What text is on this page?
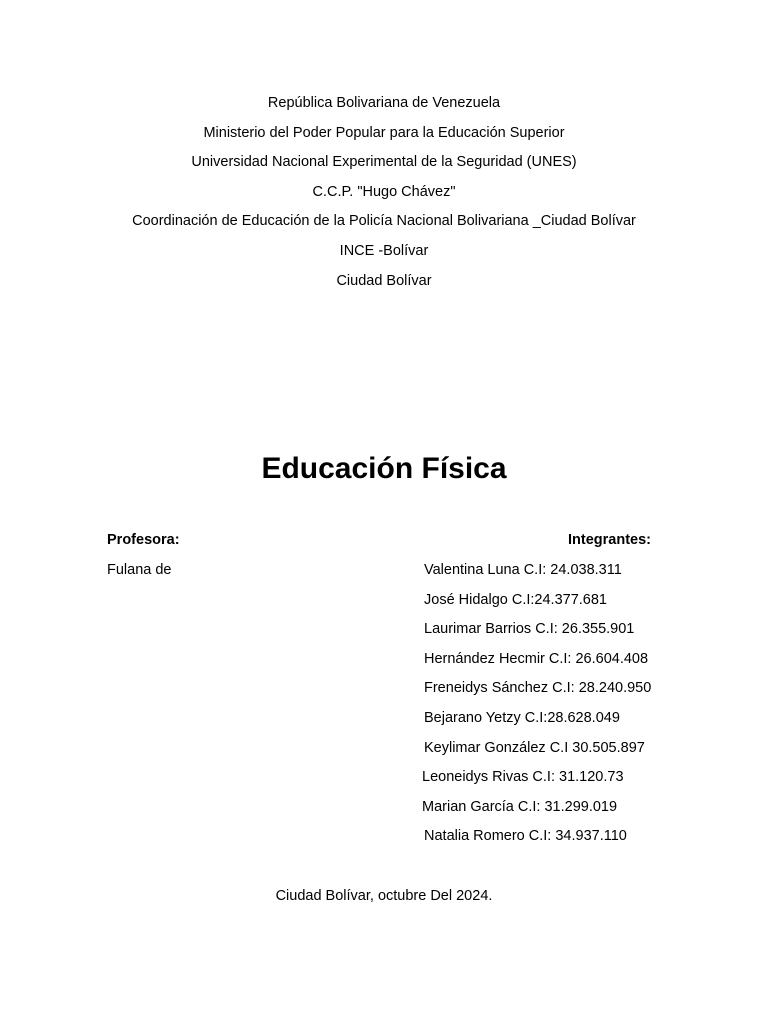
República Bolivariana de Venezuela
Ministerio del Poder Popular para la Educación Superior
Universidad Nacional Experimental de la Seguridad (UNES)
C.C.P. "Hugo Chávez"
Coordinación de Educación de la Policía Nacional Bolivariana _Ciudad Bolívar
INCE -Bolívar
Ciudad Bolívar
Educación Física
Profesora:	Integrantes:
Fulana de	Valentina Luna C.I: 24.038.311
José Hidalgo C.I:24.377.681
Laurimar Barrios C.I: 26.355.901
Hernández Hecmir C.I: 26.604.408
Freneidys Sánchez C.I: 28.240.950
Bejarano Yetzy C.I:28.628.049
Keylimar González C.I 30.505.897
Leoneidys Rivas C.I: 31.120.73
Marian García C.I: 31.299.019
Natalia Romero C.I: 34.937.110
Ciudad Bolívar, octubre Del 2024.
